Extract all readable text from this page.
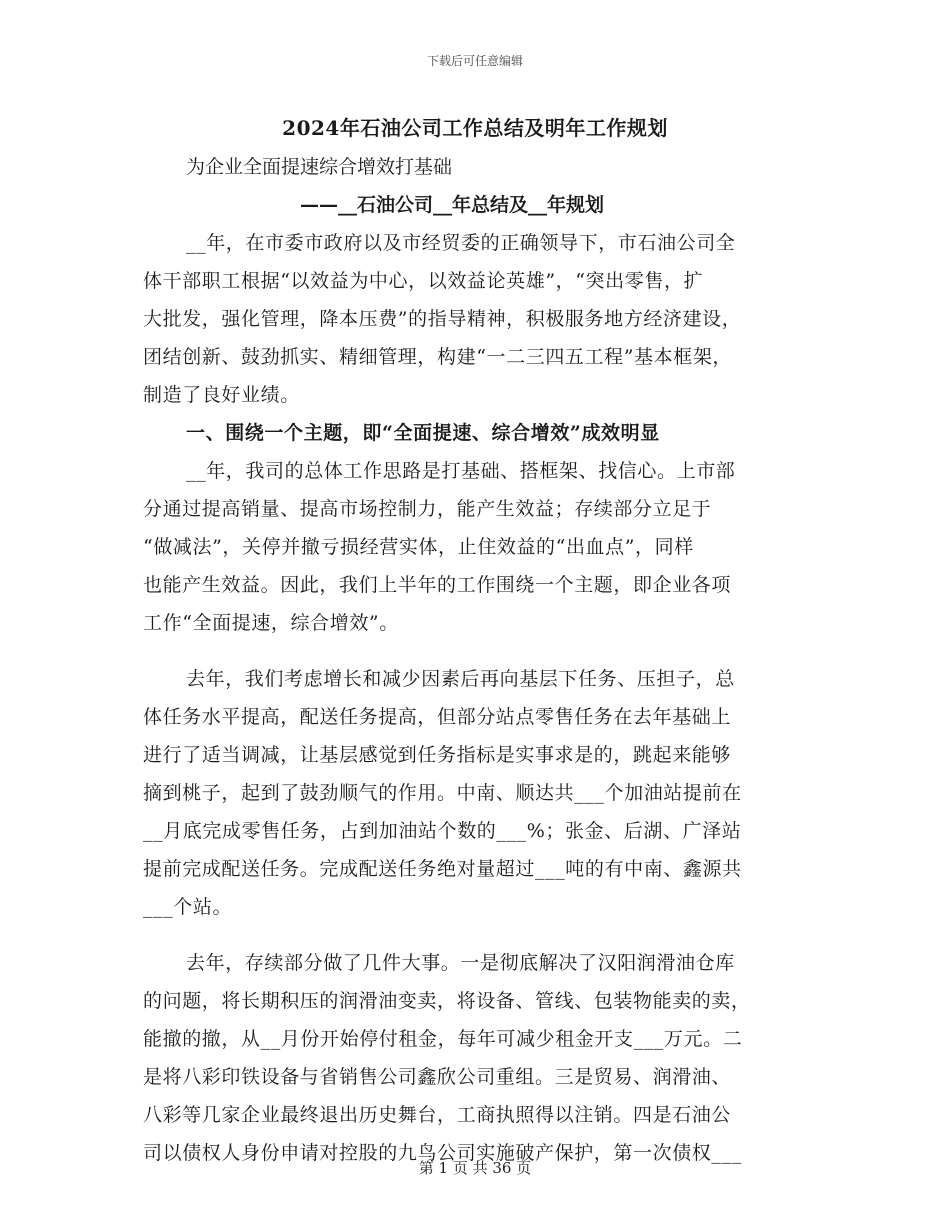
下载后可任意编辑
2024年石油公司工作总结及明年工作规划
为企业全面提速综合增效打基础
——__石油公司__年总结及__年规划
__年，在市委市政府以及市经贸委的正确领导下，市石油公司全
体干部职工根据“以效益为中心，以效益论英雄”，“突出零售，扩
大批发，强化管理，降本压费”的指导精神，积极服务地方经济建设，
团结创新、鼓劲抓实、精细管理，构建“一二三四五工程”基本框架，
制造了良好业绩。
一、围绕一个主题，即“全面提速、综合增效”成效明显
__年，我司的总体工作思路是打基础、搭框架、找信心。上市部
分通过提高销量、提高市场控制力，能产生效益；存续部分立足于
“做减法”，关停并撤亏损经营实体，止住效益的“出血点”，同样
也能产生效益。因此，我们上半年的工作围绕一个主题，即企业各项
工作“全面提速，综合增效”。
去年，我们考虑增长和减少因素后再向基层下任务、压担子，总
体任务水平提高，配送任务提高，但部分站点零售任务在去年基础上
进行了适当调减，让基层感觉到任务指标是实事求是的，跳起来能够
摘到桃子，起到了鼓劲顺气的作用。中南、顺达共___个加油站提前在
__月底完成零售任务，占到加油站个数的___%；张金、后湖、广泽站
提前完成配送任务。完成配送任务绝对量超过___吨的有中南、鑫源共
___个站。
去年，存续部分做了几件大事。一是彻底解决了汉阳润滑油仓库
的问题，将长期积压的润滑油变卖，将设备、管线、包装物能卖的卖，
能撤的撤，从__月份开始停付租金，每年可减少租金开支___万元。二
是将八彩印铁设备与省销售公司鑫欣公司重组。三是贸易、润滑油、
八彩等几家企业最终退出历史舞台，工商执照得以注销。四是石油公
司以债权人身份申请对控股的九鸟公司实施破产保护，第一次债权___
第 1 页 共 36 页
